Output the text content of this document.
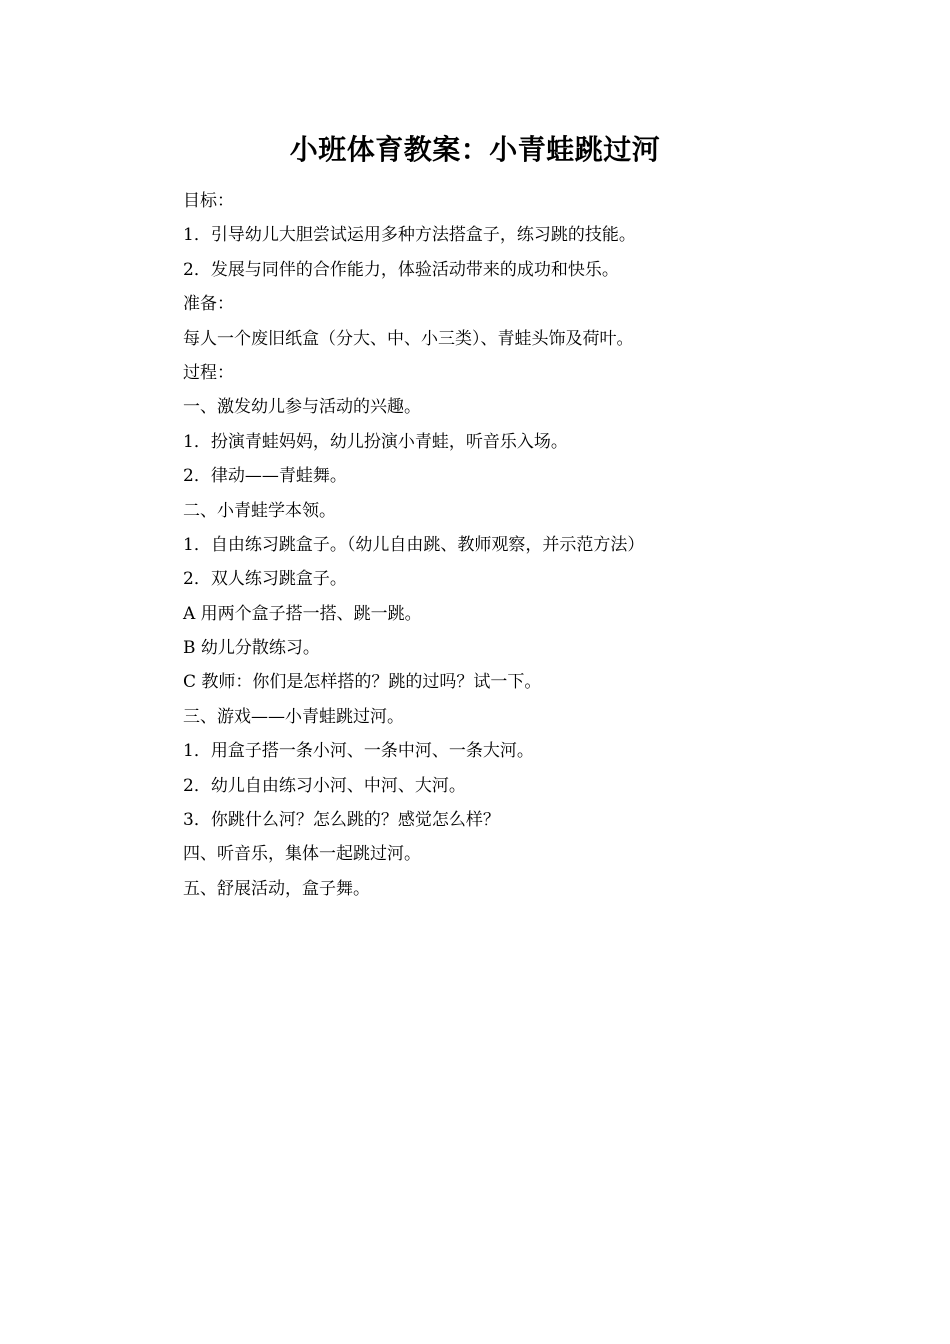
小班体育教案：小青蛙跳过河
目标：
1．引导幼儿大胆尝试运用多种方法搭盒子，练习跳的技能。
2．发展与同伴的合作能力，体验活动带来的成功和快乐。
准备：
每人一个废旧纸盒（分大、中、小三类）、青蛙头饰及荷叶。
过程：
一、激发幼儿参与活动的兴趣。
1．扮演青蛙妈妈，幼儿扮演小青蛙，听音乐入场。
2．律动——青蛙舞。
二、小青蛙学本领。
1．自由练习跳盒子。（幼儿自由跳、教师观察，并示范方法）
2．双人练习跳盒子。
A 用两个盒子搭一搭、跳一跳。
B 幼儿分散练习。
C 教师：你们是怎样搭的？跳的过吗？试一下。
三、游戏——小青蛙跳过河。
1．用盒子搭一条小河、一条中河、一条大河。
2．幼儿自由练习小河、中河、大河。
3．你跳什么河？怎么跳的？感觉怎么样？
四、听音乐，集体一起跳过河。
五、舒展活动，盒子舞。
